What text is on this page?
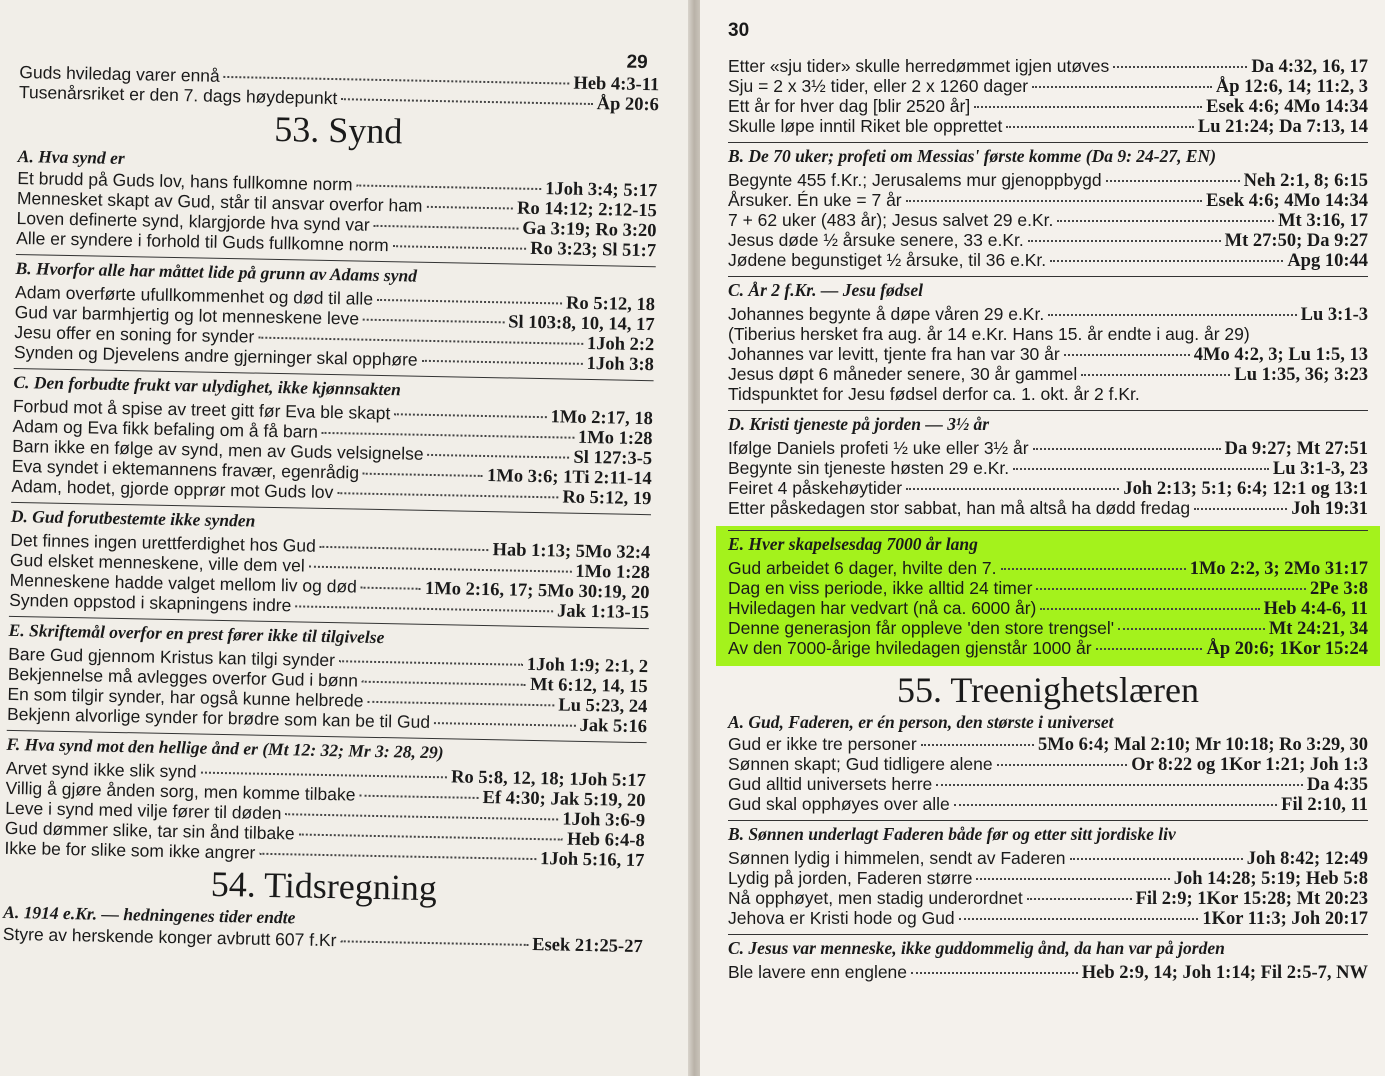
29
Guds hviledag varer ennå	Heb 4:3-11
Tusenårsriket er den 7. dags høydepunkt	Åp 20:6
53. Synd
A. Hva synd er
Et brudd på Guds lov, hans fullkomne norm	1Joh 3:4; 5:17
Mennesket skapt av Gud, står til ansvar overfor ham	Ro 14:12; 2:12-15
Loven definerte synd, klargjorde hva synd var	Ga 3:19; Ro 3:20
Alle er syndere i forhold til Guds fullkomne norm	Ro 3:23; Sl 51:7
B. Hvorfor alle har måttet lide på grunn av Adams synd
Adam overførte ufullkommenhet og død til alle	Ro 5:12, 18
Gud var barmhjertig og lot menneskene leve	Sl 103:8, 10, 14, 17
Jesu offer en soning for synder	1Joh 2:2
Synden og Djevelens andre gjerninger skal opphøre	1Joh 3:8
C. Den forbudte frukt var ulydighet, ikke kjønnsakten
Forbud mot å spise av treet gitt før Eva ble skapt	1Mo 2:17, 18
Adam og Eva fikk befaling om å få barn	1Mo 1:28
Barn ikke en følge av synd, men av Guds velsignelse	Sl 127:3-5
Eva syndet i ektemannens fravær, egenrådig	1Mo 3:6; 1Ti 2:11-14
Adam, hodet, gjorde opprør mot Guds lov	Ro 5:12, 19
D. Gud forutbestemte ikke synden
Det finnes ingen urettferdighet hos Gud	Hab 1:13; 5Mo 32:4
Gud elsket menneskene, ville dem vel	1Mo 1:28
Menneskene hadde valget mellom liv og død	1Mo 2:16, 17; 5Mo 30:19, 20
Synden oppstod i skapningens indre	Jak 1:13-15
E. Skriftemål overfor en prest fører ikke til tilgivelse
Bare Gud gjennom Kristus kan tilgi synder	1Joh 1:9; 2:1, 2
Bekjennelse må avlegges overfor Gud i bønn	Mt 6:12, 14, 15
En som tilgir synder, har også kunne helbrede	Lu 5:23, 24
Bekjenn alvorlige synder for brødre som kan be til Gud	Jak 5:16
F. Hva synd mot den hellige ånd er (Mt 12: 32; Mr 3: 28, 29)
Arvet synd ikke slik synd	Ro 5:8, 12, 18; 1Joh 5:17
Villig å gjøre ånden sorg, men komme tilbake	Ef 4:30; Jak 5:19, 20
Leve i synd med vilje fører til døden	1Joh 3:6-9
Gud dømmer slike, tar sin ånd tilbake	Heb 6:4-8
Ikke be for slike som ikke angrer	1Joh 5:16, 17
54. Tidsregning
A. 1914 e.Kr. — hedningenes tider endte
Styre av herskende konger avbrutt 607 f.Kr	Esek 21:25-27
30
Etter «sju tider» skulle herredømmet igjen utøves	Da 4:32, 16, 17
Sju = 2 x 3½ tider, eller 2 x 1260 dager	Åp 12:6, 14; 11:2, 3
Ett år for hver dag [blir 2520 år]	Esek 4:6; 4Mo 14:34
Skulle løpe inntil Riket ble opprettet	Lu 21:24; Da 7:13, 14
B. De 70 uker; profeti om Messias' første komme (Da 9: 24-27, EN)
Begynte 455 f.Kr.; Jerusalems mur gjenoppbygd	Neh 2:1, 8; 6:15
Årsuker. Én uke = 7 år	Esek 4:6; 4Mo 14:34
7 + 62 uker (483 år); Jesus salvet 29 e.Kr.	Mt 3:16, 17
Jesus døde ½ årsuke senere, 33 e.Kr.	Mt 27:50; Da 9:27
Jødene begunstiget ½ årsuke, til 36 e.Kr.	Apg 10:44
C. År 2 f.Kr. — Jesu fødsel
Johannes begynte å døpe våren 29 e.Kr.	Lu 3:1-3
(Tiberius hersket fra aug. år 14 e.Kr. Hans 15. år endte i aug. år 29)
Johannes var levitt, tjente fra han var 30 år	4Mo 4:2, 3; Lu 1:5, 13
Jesus døpt 6 måneder senere, 30 år gammel	Lu 1:35, 36; 3:23
Tidspunktet for Jesu fødsel derfor ca. 1. okt. år 2 f.Kr.
D. Kristi tjeneste på jorden — 3½ år
Ifølge Daniels profeti ½ uke eller 3½ år	Da 9:27; Mt 27:51
Begynte sin tjeneste høsten 29 e.Kr.	Lu 3:1-3, 23
Feiret 4 påskehøytider	Joh 2:13; 5:1; 6:4; 12:1 og 13:1
Etter påskedagen stor sabbat, han må altså ha dødd fredag	Joh 19:31
E. Hver skapelsesdag 7000 år lang
Gud arbeidet 6 dager, hvilte den 7.	1Mo 2:2, 3; 2Mo 31:17
Dag en viss periode, ikke alltid 24 timer	2Pe 3:8
Hviledagen har vedvart (nå ca. 6000 år)	Heb 4:4-6, 11
Denne generasjon får oppleve 'den store trengsel'	Mt 24:21, 34
Av den 7000-årige hviledagen gjenstår 1000 år	Åp 20:6; 1Kor 15:24
55. Treenighetslæren
A. Gud, Faderen, er én person, den største i universet
Gud er ikke tre personer	5Mo 6:4; Mal 2:10; Mr 10:18; Ro 3:29, 30
Sønnen skapt; Gud tidligere alene	Or 8:22 og 1Kor 1:21; Joh 1:3
Gud alltid universets herre	Da 4:35
Gud skal opphøyes over alle	Fil 2:10, 11
B. Sønnen underlagt Faderen både før og etter sitt jordiske liv
Sønnen lydig i himmelen, sendt av Faderen	Joh 8:42; 12:49
Lydig på jorden, Faderen større	Joh 14:28; 5:19; Heb 5:8
Nå opphøyet, men stadig underordnet	Fil 2:9; 1Kor 15:28; Mt 20:23
Jehova er Kristi hode og Gud	1Kor 11:3; Joh 20:17
C. Jesus var menneske, ikke guddommelig ånd, da han var på jorden
Ble lavere enn englene	Heb 2:9, 14; Joh 1:14; Fil 2:5-7, NW
